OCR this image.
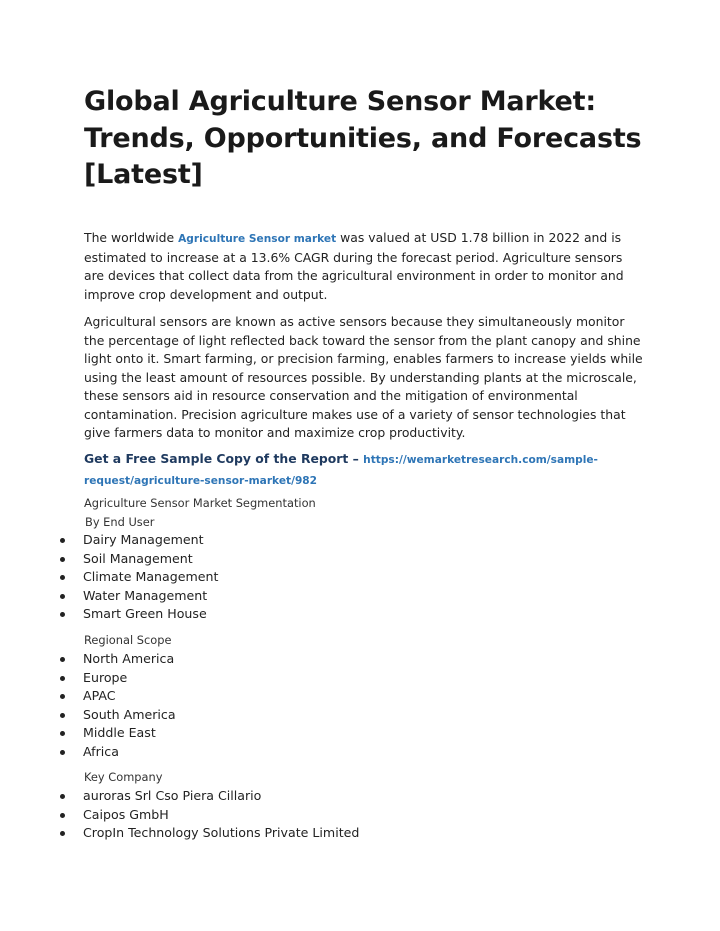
Global Agriculture Sensor Market: Trends, Opportunities, and Forecasts [Latest]

The worldwide Agriculture Sensor market was valued at USD 1.78 billion in 2022 and is estimated to increase at a 13.6% CAGR during the forecast period. Agriculture sensors are devices that collect data from the agricultural environment in order to monitor and improve crop development and output.

Agricultural sensors are known as active sensors because they simultaneously monitor the percentage of light reflected back toward the sensor from the plant canopy and shine light onto it. Smart farming, or precision farming, enables farmers to increase yields while using the least amount of resources possible. By understanding plants at the microscale, these sensors aid in resource conservation and the mitigation of environmental contamination. Precision agriculture makes use of a variety of sensor technologies that give farmers data to monitor and maximize crop productivity.

Get a Free Sample Copy of the Report – https://wemarketresearch.com/sample-request/agriculture-sensor-market/982

Agriculture Sensor Market Segmentation

By End User

Dairy Management
Soil Management
Climate Management
Water Management
Smart Green House

Regional Scope

North America
Europe
APAC
South America
Middle East
Africa

Key Company

auroras Srl Cso Piera Cillario
Caipos GmbH
CropIn Technology Solutions Private Limited
